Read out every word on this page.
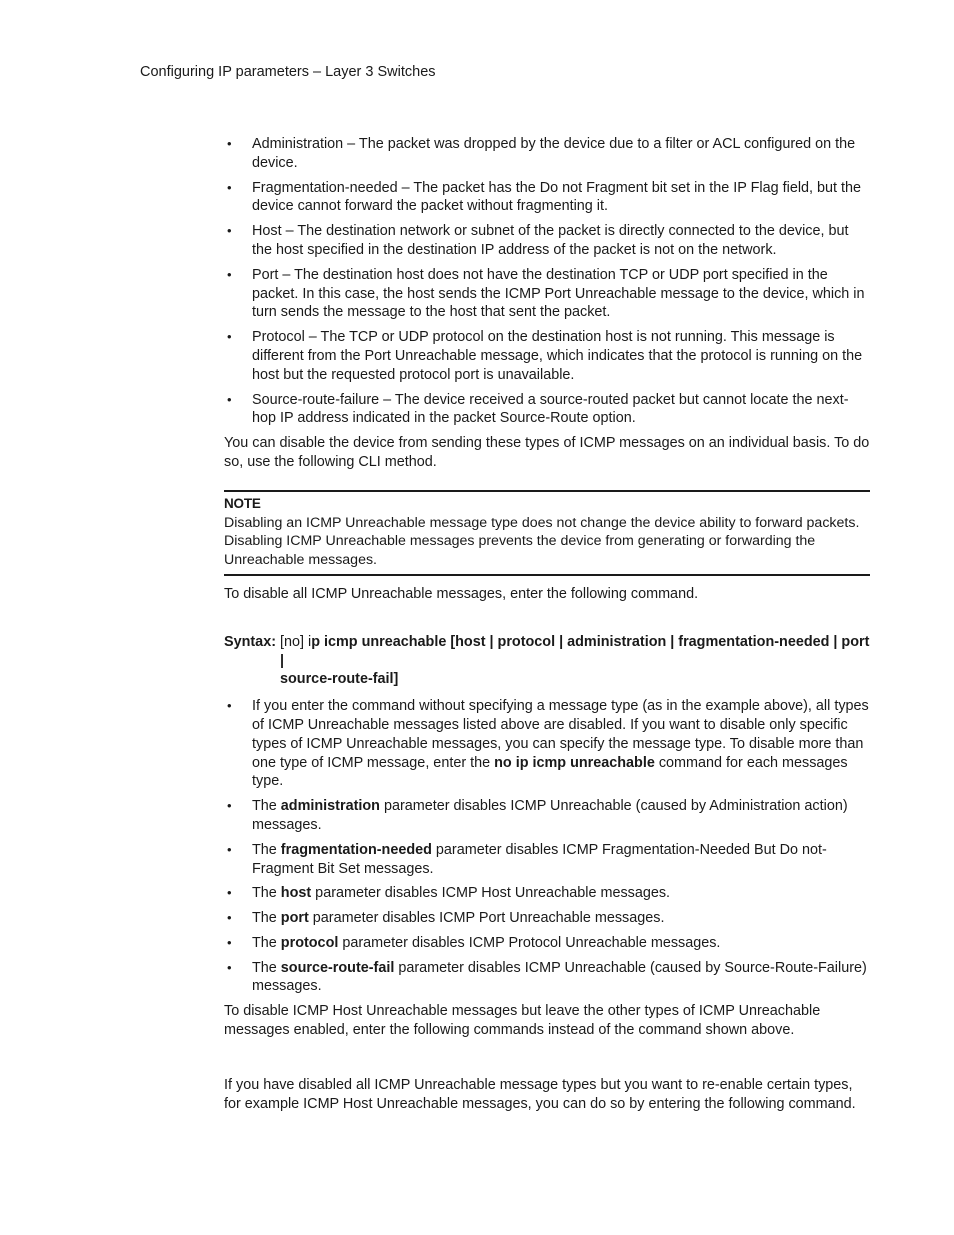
Configuring IP parameters – Layer 3 Switches
• Administration – The packet was dropped by the device due to a filter or ACL configured on the device.
• Fragmentation-needed – The packet has the Do not Fragment bit set in the IP Flag field, but the device cannot forward the packet without fragmenting it.
• Host – The destination network or subnet of the packet is directly connected to the device, but the host specified in the destination IP address of the packet is not on the network.
• Port – The destination host does not have the destination TCP or UDP port specified in the packet. In this case, the host sends the ICMP Port Unreachable message to the device, which in turn sends the message to the host that sent the packet.
• Protocol – The TCP or UDP protocol on the destination host is not running. This message is different from the Port Unreachable message, which indicates that the protocol is running on the host but the requested protocol port is unavailable.
• Source-route-failure – The device received a source-routed packet but cannot locate the next-hop IP address indicated in the packet Source-Route option.

You can disable the device from sending these types of ICMP messages on an individual basis. To do so, use the following CLI method.

NOTE
Disabling an ICMP Unreachable message type does not change the device ability to forward packets. Disabling ICMP Unreachable messages prevents the device from generating or forwarding the Unreachable messages.

To disable all ICMP Unreachable messages, enter the following command.

Syntax: [no] ip icmp unreachable [host | protocol | administration | fragmentation-needed | port
|
source-route-fail]
• If you enter the command without specifying a message type (as in the example above), all types of ICMP Unreachable messages listed above are disabled. If you want to disable only specific types of ICMP Unreachable messages, you can specify the message type. To disable more than one type of ICMP message, enter the no ip icmp unreachable command for each messages type.
• The administration parameter disables ICMP Unreachable (caused by Administration action) messages.
• The fragmentation-needed parameter disables ICMP Fragmentation-Needed But Do not-Fragment Bit Set messages.
• The host parameter disables ICMP Host Unreachable messages.
• The port parameter disables ICMP Port Unreachable messages.
• The protocol parameter disables ICMP Protocol Unreachable messages.
• The source-route-fail parameter disables ICMP Unreachable (caused by Source-Route-Failure) messages.

To disable ICMP Host Unreachable messages but leave the other types of ICMP Unreachable messages enabled, enter the following commands instead of the command shown above.

If you have disabled all ICMP Unreachable message types but you want to re-enable certain types, for example ICMP Host Unreachable messages, you can do so by entering the following command.
